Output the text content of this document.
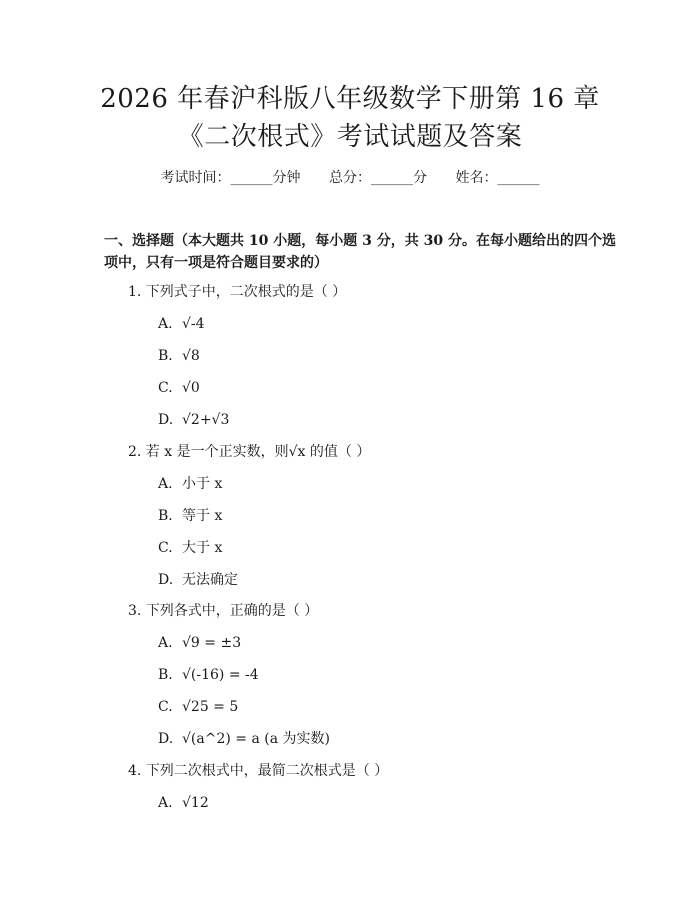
2026 年春沪科版八年级数学下册第 16 章
《二次根式》考试试题及答案
考试时间：______分钟 总分：______分 姓名：______
一、选择题（本大题共 10 小题，每小题 3 分，共 30 分。在每小题给出的四个选项中，只有一项是符合题目要求的）
1. 下列式子中，二次根式的是（ ）
A. √-4
B. √8
C. √0
D. √2+√3
2. 若 x 是一个正实数，则√x 的值（ ）
A. 小于 x
B. 等于 x
C. 大于 x
D. 无法确定
3. 下列各式中，正确的是（ ）
A. √9 = ±3
B. √(-16) = -4
C. √25 = 5
D. √(a^2) = a (a 为实数)
4. 下列二次根式中，最简二次根式是（ ）
A. √12
